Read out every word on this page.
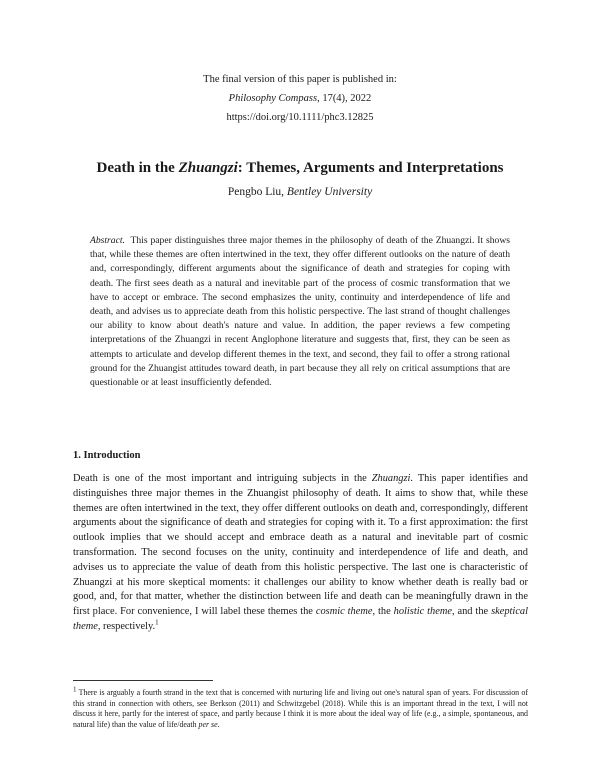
The final version of this paper is published in:
Philosophy Compass, 17(4), 2022
https://doi.org/10.1111/phc3.12825
Death in the Zhuangzi: Themes, Arguments and Interpretations
Pengbo Liu, Bentley University
Abstract. This paper distinguishes three major themes in the philosophy of death of the Zhuangzi. It shows that, while these themes are often intertwined in the text, they offer different outlooks on the nature of death and, correspondingly, different arguments about the significance of death and strategies for coping with death. The first sees death as a natural and inevitable part of the process of cosmic transformation that we have to accept or embrace. The second emphasizes the unity, continuity and interdependence of life and death, and advises us to appreciate death from this holistic perspective. The last strand of thought challenges our ability to know about death's nature and value. In addition, the paper reviews a few competing interpretations of the Zhuangzi in recent Anglophone literature and suggests that, first, they can be seen as attempts to articulate and develop different themes in the text, and second, they fail to offer a strong rational ground for the Zhuangist attitudes toward death, in part because they all rely on critical assumptions that are questionable or at least insufficiently defended.
1. Introduction
Death is one of the most important and intriguing subjects in the Zhuangzi. This paper identifies and distinguishes three major themes in the Zhuangist philosophy of death. It aims to show that, while these themes are often intertwined in the text, they offer different outlooks on death and, correspondingly, different arguments about the significance of death and strategies for coping with it. To a first approximation: the first outlook implies that we should accept and embrace death as a natural and inevitable part of cosmic transformation. The second focuses on the unity, continuity and interdependence of life and death, and advises us to appreciate the value of death from this holistic perspective. The last one is characteristic of Zhuangzi at his more skeptical moments: it challenges our ability to know whether death is really bad or good, and, for that matter, whether the distinction between life and death can be meaningfully drawn in the first place. For convenience, I will label these themes the cosmic theme, the holistic theme, and the skeptical theme, respectively.$^1$
$^1$ There is arguably a fourth strand in the text that is concerned with nurturing life and living out one's natural span of years. For discussion of this strand in connection with others, see Berkson (2011) and Schwitzgebel (2018). While this is an important thread in the text, I will not discuss it here, partly for the interest of space, and partly because I think it is more about the ideal way of life (e.g., a simple, spontaneous, and natural life) than the value of life/death per se.
